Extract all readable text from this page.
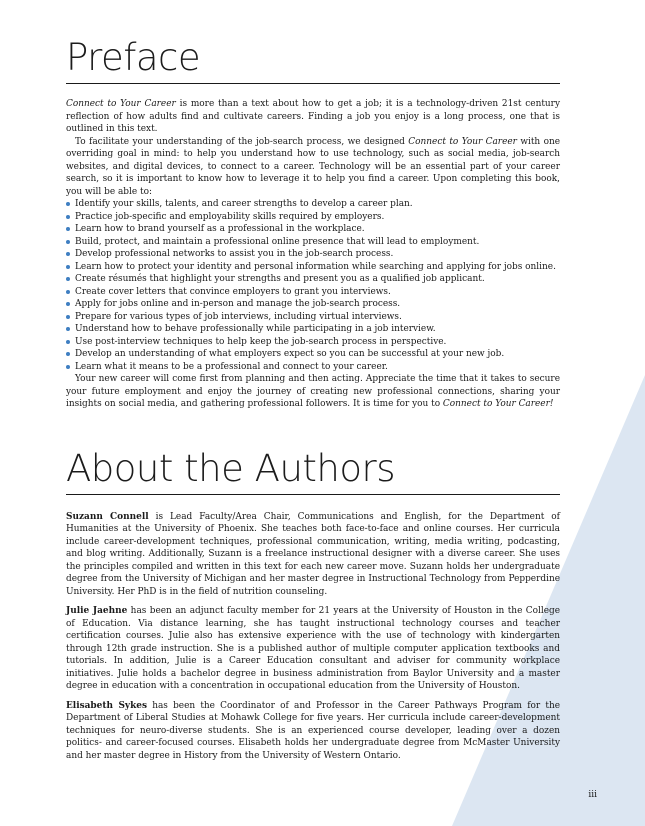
Preface

Connect to Your Career is more than a text about how to get a job; it is a technology-driven 21st century reflection of how adults find and cultivate careers. Finding a job you enjoy is a long process, one that is outlined in this text.

To facilitate your understanding of the job-search process, we designed Connect to Your Career with one overriding goal in mind: to help you understand how to use technology, such as social media, job-search websites, and digital devices, to connect to a career. Technology will be an essential part of your career search, so it is important to know how to leverage it to help you find a career. Upon completing this book, you will be able to:

Identify your skills, talents, and career strengths to develop a career plan.
Practice job-specific and employability skills required by employers.
Learn how to brand yourself as a professional in the workplace.
Build, protect, and maintain a professional online presence that will lead to employment.
Develop professional networks to assist you in the job-search process.
Learn how to protect your identity and personal information while searching and applying for jobs online.
Create résumés that highlight your strengths and present you as a qualified job applicant.
Create cover letters that convince employers to grant you interviews.
Apply for jobs online and in-person and manage the job-search process.
Prepare for various types of job interviews, including virtual interviews.
Understand how to behave professionally while participating in a job interview.
Use post-interview techniques to help keep the job-search process in perspective.
Develop an understanding of what employers expect so you can be successful at your new job.
Learn what it means to be a professional and connect to your career.

Your new career will come first from planning and then acting. Appreciate the time that it takes to secure your future employment and enjoy the journey of creating new professional connections, sharing your insights on social media, and gathering professional followers. It is time for you to Connect to Your Career!

About the Authors

Suzann Connell is Lead Faculty/Area Chair, Communications and English, for the Department of Humanities at the University of Phoenix. She teaches both face-to-face and online courses. Her curricula include career-development techniques, professional communication, writing, media writing, podcasting, and blog writing. Additionally, Suzann is a freelance instructional designer with a diverse career. She uses the principles compiled and written in this text for each new career move. Suzann holds her undergraduate degree from the University of Michigan and her master degree in Instructional Technology from Pepperdine University. Her PhD is in the field of nutrition counseling.

Julie Jaehne has been an adjunct faculty member for 21 years at the University of Houston in the College of Education. Via distance learning, she has taught instructional technology courses and teacher certification courses. Julie also has extensive experience with the use of technology with kindergarten through 12th grade instruction. She is a published author of multiple computer application textbooks and tutorials. In addition, Julie is a Career Education consultant and adviser for community workplace initiatives. Julie holds a bachelor degree in business administration from Baylor University and a master degree in education with a concentration in occupational education from the University of Houston.

Elisabeth Sykes has been the Coordinator of and Professor in the Career Pathways Program for the Department of Liberal Studies at Mohawk College for five years. Her curricula include career-development techniques for neuro-diverse students. She is an experienced course developer, leading over a dozen politics- and career-focused courses. Elisabeth holds her undergraduate degree from McMaster University and her master degree in History from the University of Western Ontario.

iii
